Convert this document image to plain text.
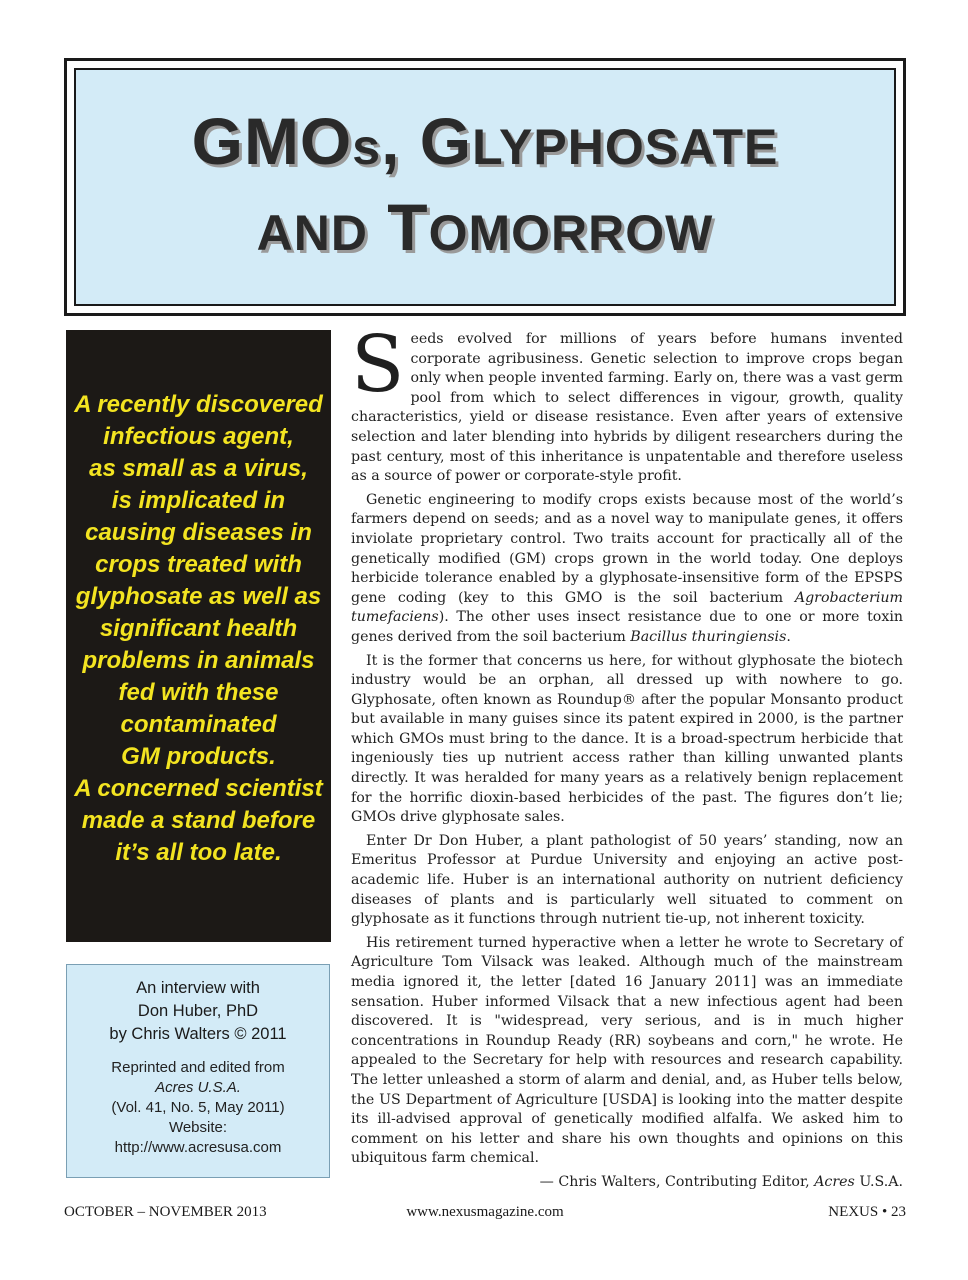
GMOs, GLYPHOSATE
AND TOMORROW
A recently discovered
infectious agent,
as small as a virus,
is implicated in
causing diseases in
crops treated with
glyphosate as well as
significant health
problems in animals
fed with these
contaminated
GM products.
A concerned scientist
made a stand before
it’s all too late.
An interview with
Don Huber, PhD
by Chris Walters © 2011
Reprinted and edited from
Acres U.S.A.
(Vol. 41, No. 5, May 2011)
Website:
http://www.acresusa.com

Seeds evolved for millions of years before humans invented corporate agribusiness. Genetic selection to improve crops began only when people invented farming. Early on, there was a vast germ pool from which to select differences in vigour, growth, quality characteristics, yield or disease resistance. Even after years of extensive selection and later blending into hybrids by diligent researchers during the past century, most of this inheritance is unpatentable and therefore useless as a source of power or corporate-style profit.

Genetic engineering to modify crops exists because most of the world’s farmers depend on seeds; and as a novel way to manipulate genes, it offers inviolate proprietary control. Two traits account for practically all of the genetically modified (GM) crops grown in the world today. One deploys herbicide tolerance enabled by a glyphosate-insensitive form of the EPSPS gene coding (key to this GMO is the soil bacterium Agrobacterium tumefaciens). The other uses insect resistance due to one or more toxin genes derived from the soil bacterium Bacillus thuringiensis.

It is the former that concerns us here, for without glyphosate the biotech industry would be an orphan, all dressed up with nowhere to go. Glyphosate, often known as Roundup® after the popular Monsanto product but available in many guises since its patent expired in 2000, is the partner which GMOs must bring to the dance. It is a broad-spectrum herbicide that ingeniously ties up nutrient access rather than killing unwanted plants directly. It was heralded for many years as a relatively benign replacement for the horrific dioxin-based herbicides of the past. The figures don’t lie; GMOs drive glyphosate sales.

Enter Dr Don Huber, a plant pathologist of 50 years’ standing, now an Emeritus Professor at Purdue University and enjoying an active post-academic life. Huber is an international authority on nutrient deficiency diseases of plants and is particularly well situated to comment on glyphosate as it functions through nutrient tie-up, not inherent toxicity.

His retirement turned hyperactive when a letter he wrote to Secretary of Agriculture Tom Vilsack was leaked. Although much of the mainstream media ignored it, the letter [dated 16 January 2011] was an immediate sensation. Huber informed Vilsack that a new infectious agent had been discovered. It is "widespread, very serious, and is in much higher concentrations in Roundup Ready (RR) soybeans and corn," he wrote. He appealed to the Secretary for help with resources and research capability. The letter unleashed a storm of alarm and denial, and, as Huber tells below, the US Department of Agriculture [USDA] is looking into the matter despite its ill-advised approval of genetically modified alfalfa. We asked him to comment on his letter and share his own thoughts and opinions on this ubiquitous farm chemical.

— Chris Walters, Contributing Editor, Acres U.S.A.
OCTOBER – NOVEMBER 2013	www.nexusmagazine.com	NEXUS • 23
